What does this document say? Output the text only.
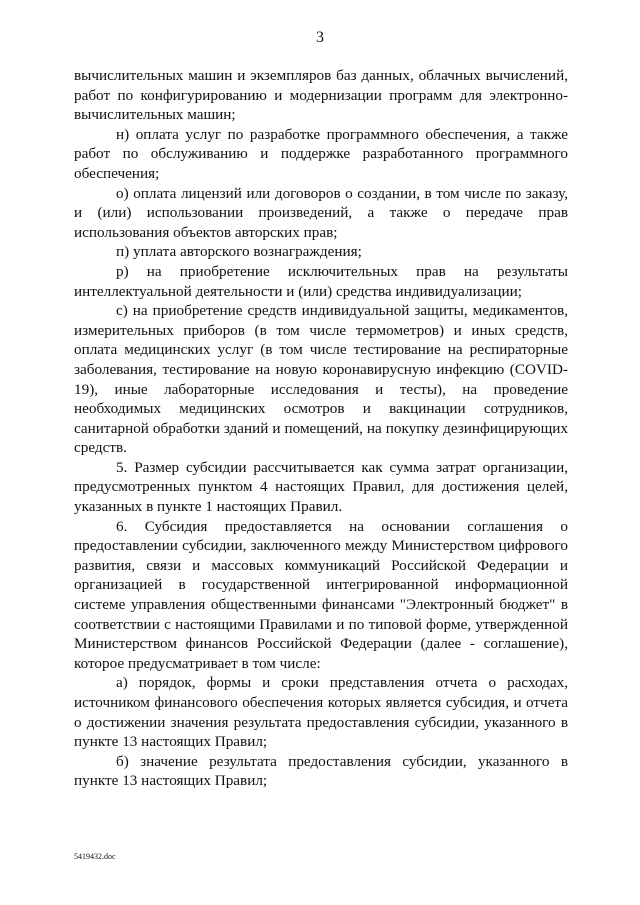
3

вычислительных машин и экземпляров баз данных, облачных вычислений, работ по конфигурированию и модернизации программ для электронно-вычислительных машин;

н) оплата услуг по разработке программного обеспечения, а также работ по обслуживанию и поддержке разработанного программного обеспечения;

о) оплата лицензий или договоров о создании, в том числе по заказу, и (или) использовании произведений, а также о передаче прав использования объектов авторских прав;

п) уплата авторского вознаграждения;

р) на приобретение исключительных прав на результаты интеллектуальной деятельности и (или) средства индивидуализации;

с) на приобретение средств индивидуальной защиты, медикаментов, измерительных приборов (в том числе термометров) и иных средств, оплата медицинских услуг (в том числе тестирование на респираторные заболевания, тестирование на новую коронавирусную инфекцию (COVID-19), иные лабораторные исследования и тесты), на проведение необходимых медицинских осмотров и вакцинации сотрудников, санитарной обработки зданий и помещений, на покупку дезинфицирующих средств.

5. Размер субсидии рассчитывается как сумма затрат организации, предусмотренных пунктом 4 настоящих Правил, для достижения целей, указанных в пункте 1 настоящих Правил.

6. Субсидия предоставляется на основании соглашения о предоставлении субсидии, заключенного между Министерством цифрового развития, связи и массовых коммуникаций Российской Федерации и организацией в государственной интегрированной информационной системе управления общественными финансами "Электронный бюджет" в соответствии с настоящими Правилами и по типовой форме, утвержденной Министерством финансов Российской Федерации (далее - соглашение), которое предусматривает в том числе:

а) порядок, формы и сроки представления отчета о расходах, источником финансового обеспечения которых является субсидия, и отчета о достижении значения результата предоставления субсидии, указанного в пункте 13 настоящих Правил;

б) значение результата предоставления субсидии, указанного в пункте 13 настоящих Правил;

5419432.doc
